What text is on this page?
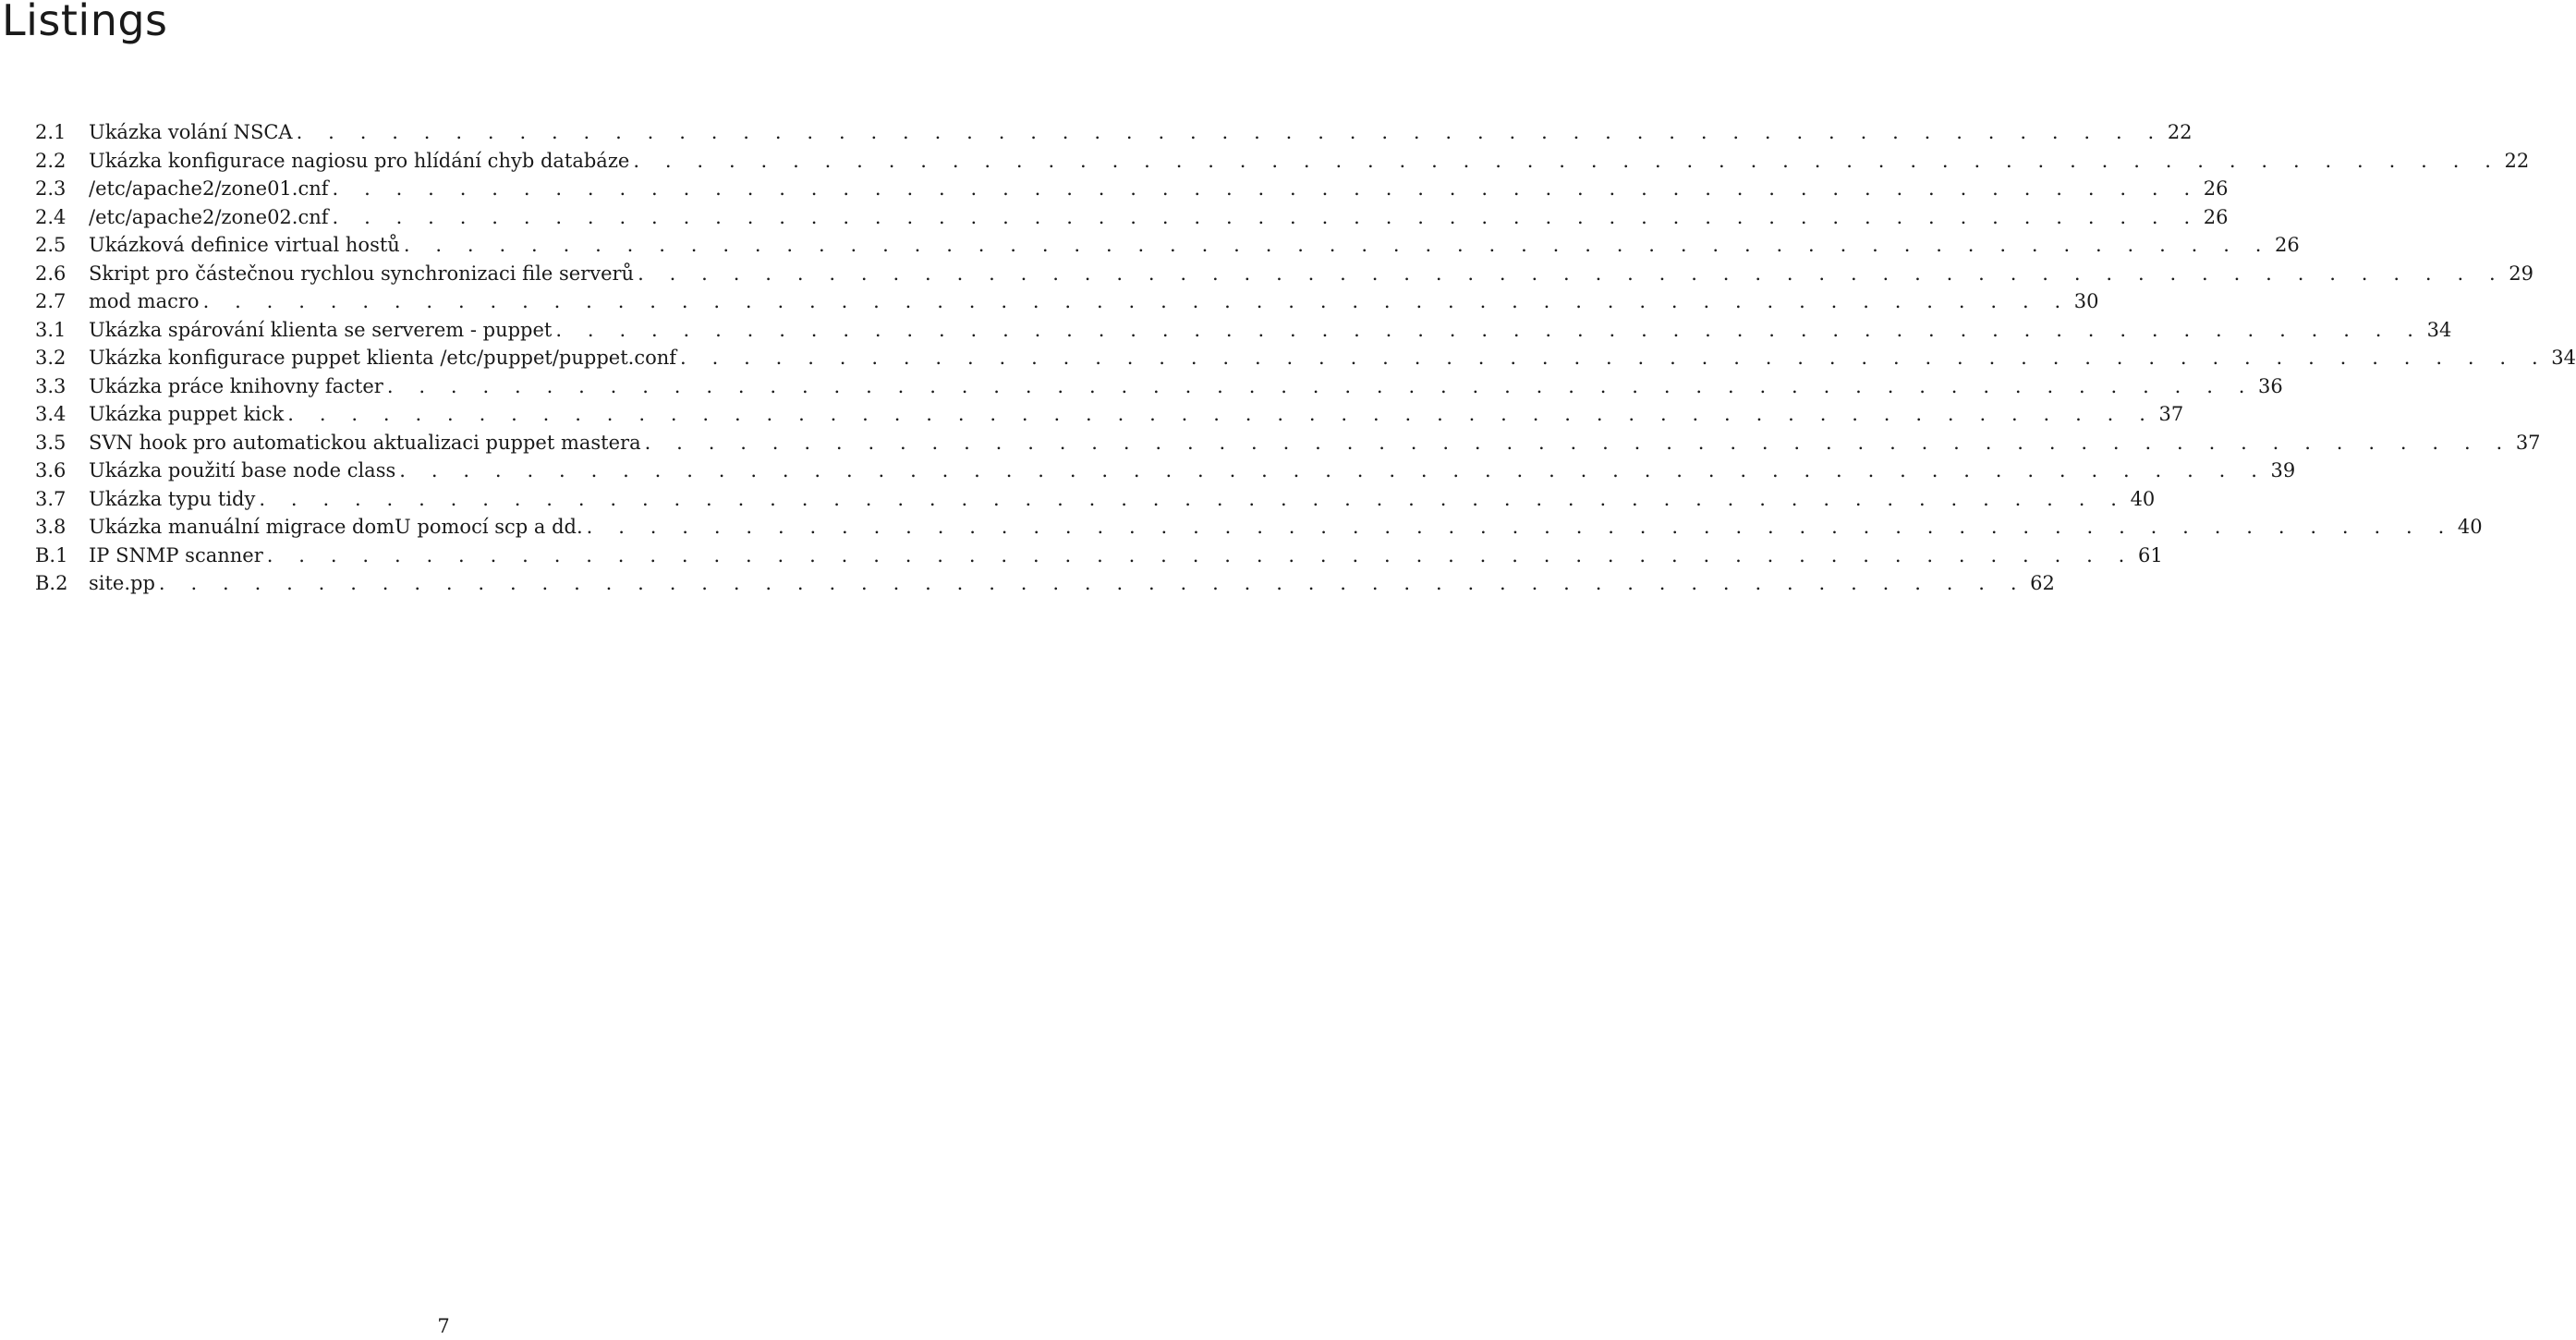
Listings
2.1	Ukázka volání NSCA . . . . . . . . . . . . . . . . . . . . . . . . . . . . . . . . . . . . . . . . . . . . . . . . . . . . . . . . . . . 22
2.2	Ukázka konfigurace nagiosu pro hlídání chyb databáze . . . . . . . . . . . . . . . . . . . . . . . . . . . . . . . . . . . . . . . . . . . . . . . . . . . . . . . . . . . 22
2.3	/etc/apache2/zone01.cnf . . . . . . . . . . . . . . . . . . . . . . . . . . . . . . . . . . . . . . . . . . . . . . . . . . . . . . . . . . . 26
2.4	/etc/apache2/zone02.cnf . . . . . . . . . . . . . . . . . . . . . . . . . . . . . . . . . . . . . . . . . . . . . . . . . . . . . . . . . . . 26
2.5	Ukázková definice virtual hostů . . . . . . . . . . . . . . . . . . . . . . . . . . . . . . . . . . . . . . . . . . . . . . . . . . . . . . . . . . . 26
2.6	Skript pro částečnou rychlou synchronizaci file serverů . . . . . . . . . . . . . . . . . . . . . . . . . . . . . . . . . . . . . . . . . . . . . . . . . . . . . . . . . . . 29
2.7	mod macro . . . . . . . . . . . . . . . . . . . . . . . . . . . . . . . . . . . . . . . . . . . . . . . . . . . . . . . . . . . 30
3.1	Ukázka spárování klienta se serverem - puppet . . . . . . . . . . . . . . . . . . . . . . . . . . . . . . . . . . . . . . . . . . . . . . . . . . . . . . . . . . . 34
3.2	Ukázka konfigurace puppet klienta /etc/puppet/puppet.conf . . . . . . . . . . . . . . . . . . . . . . . . . . . . . . . . . . . . . . . . . . . . . . . . . . . . . . . . . . . 34
3.3	Ukázka práce knihovny facter . . . . . . . . . . . . . . . . . . . . . . . . . . . . . . . . . . . . . . . . . . . . . . . . . . . . . . . . . . . 36
3.4	Ukázka puppet kick . . . . . . . . . . . . . . . . . . . . . . . . . . . . . . . . . . . . . . . . . . . . . . . . . . . . . . . . . . . 37
3.5	SVN hook pro automatickou aktualizaci puppet mastera . . . . . . . . . . . . . . . . . . . . . . . . . . . . . . . . . . . . . . . . . . . . . . . . . . . . . . . . . . . 37
3.6	Ukázka použití base node class . . . . . . . . . . . . . . . . . . . . . . . . . . . . . . . . . . . . . . . . . . . . . . . . . . . . . . . . . . . 39
3.7	Ukázka typu tidy . . . . . . . . . . . . . . . . . . . . . . . . . . . . . . . . . . . . . . . . . . . . . . . . . . . . . . . . . . . 40
3.8	Ukázka manuální migrace domU pomocí scp a dd. . . . . . . . . . . . . . . . . . . . . . . . . . . . . . . . . . . . . . . . . . . . . . . . . . . . . . . . . . . . 40
B.1	IP SNMP scanner . . . . . . . . . . . . . . . . . . . . . . . . . . . . . . . . . . . . . . . . . . . . . . . . . . . . . . . . . . . 61
B.2	site.pp . . . . . . . . . . . . . . . . . . . . . . . . . . . . . . . . . . . . . . . . . . . . . . . . . . . . . . . . . . . 62
7
